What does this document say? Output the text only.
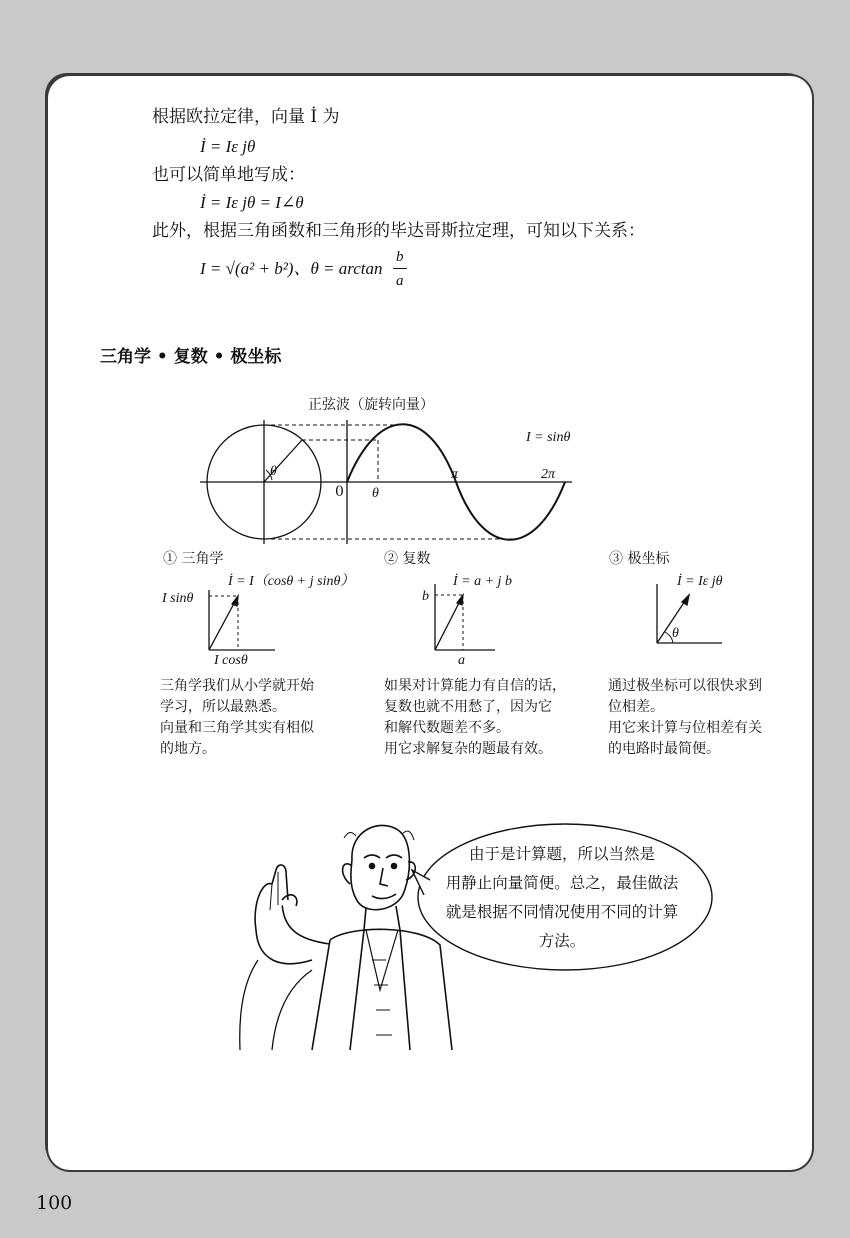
根据欧拉定律，向量 İ 为
İ = Iε jθ
也可以简单地写成：
İ = Iε jθ = I∠θ
此外，根据三角函数和三角形的毕达哥斯拉定理，可知以下关系：
I = √(a² + b²)、θ = arctan
b
a
三角学 • 复数 • 极坐标
正弦波（旋转向量）
I = sinθ
0 θ
π	2π
θ
① 三角学
İ = I（cosθ + j sinθ）
I sinθ
I cosθ
三角学我们从小学就开始
学习，所以最熟悉。
向量和三角学其实有相似
的地方。
② 复数
İ = a + j b
b
a
如果对计算能力有自信的话，
复数也就不用愁了，因为它
和解代数题差不多。
用它求解复杂的题最有效。
③ 极坐标
İ = Iε jθ
θ
通过极坐标可以很快求到
位相差。
用它来计算与位相差有关
的电路时最简便。
由于是计算题，所以当然是
用静止向量简便。总之，最佳做法
就是根据不同情况使用不同的计算
方法。
100
